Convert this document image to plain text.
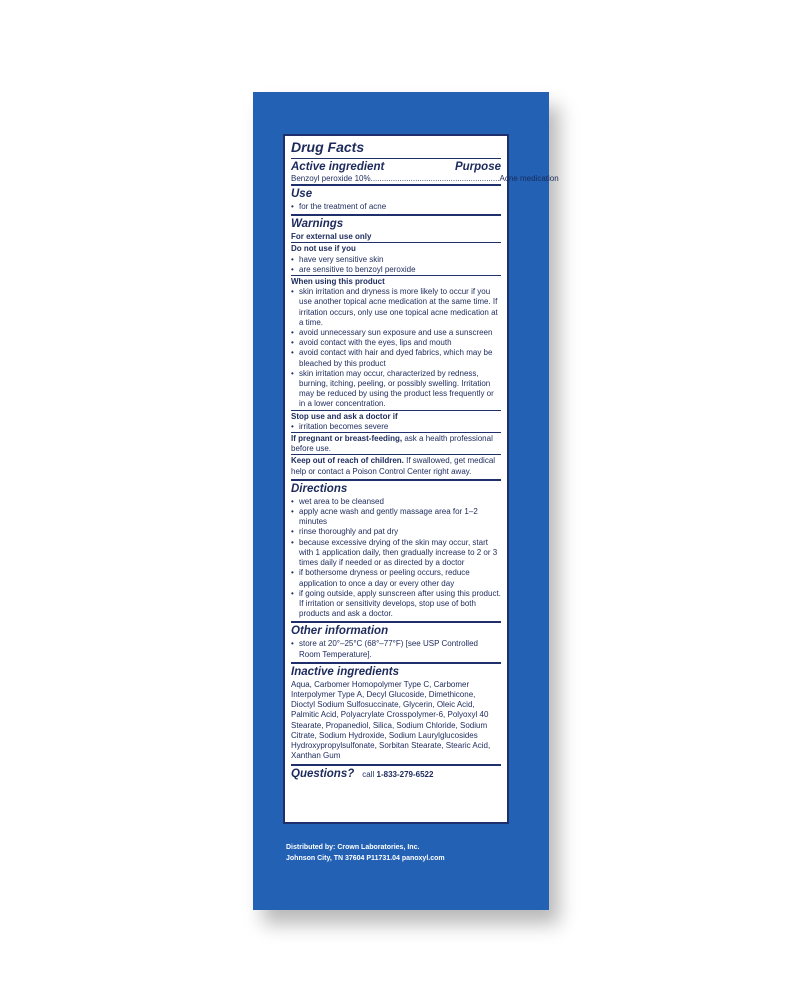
Drug Facts
Active ingredient	Purpose
Benzoyl peroxide 10% .......................................................... Acne medication
Use
• for the treatment of acne
Warnings
For external use only
Do not use if you
• have very sensitive skin
• are sensitive to benzoyl peroxide
When using this product
• skin irritation and dryness is more likely to occur if you use another topical acne medication at the same time. If irritation occurs, only use one topical acne medication at a time.
• avoid unnecessary sun exposure and use a sunscreen
• avoid contact with the eyes, lips and mouth
• avoid contact with hair and dyed fabrics, which may be bleached by this product
• skin irritation may occur, characterized by redness, burning, itching, peeling, or possibly swelling. Irritation may be reduced by using the product less frequently or in a lower concentration.
Stop use and ask a doctor if
• irritation becomes severe
If pregnant or breast-feeding, ask a health professional before use.
Keep out of reach of children. If swallowed, get medical help or contact a Poison Control Center right away.
Directions
• wet area to be cleansed
• apply acne wash and gently massage area for 1–2 minutes
• rinse thoroughly and pat dry
• because excessive drying of the skin may occur, start with 1 application daily, then gradually increase to 2 or 3 times daily if needed or as directed by a doctor
• if bothersome dryness or peeling occurs, reduce application to once a day or every other day
• if going outside, apply sunscreen after using this product. If irritation or sensitivity develops, stop use of both products and ask a doctor.
Other information
• store at 20°–25°C (68°–77°F) [see USP Controlled Room Temperature].
Inactive ingredients
Aqua, Carbomer Homopolymer Type C, Carbomer Interpolymer Type A, Decyl Glucoside, Dimethicone, Dioctyl Sodium Sulfosuccinate, Glycerin, Oleic Acid, Palmitic Acid, Polyacrylate Crosspolymer-6, Polyoxyl 40 Stearate, Propanediol, Silica, Sodium Chloride, Sodium Citrate, Sodium Hydroxide, Sodium Laurylglucosides Hydroxypropylsulfonate, Sorbitan Stearate, Stearic Acid, Xanthan Gum
Questions? call 1-833-279-6522
Distributed by: Crown Laboratories, Inc.
Johnson City, TN 37604 P11731.04 panoxyl.com
